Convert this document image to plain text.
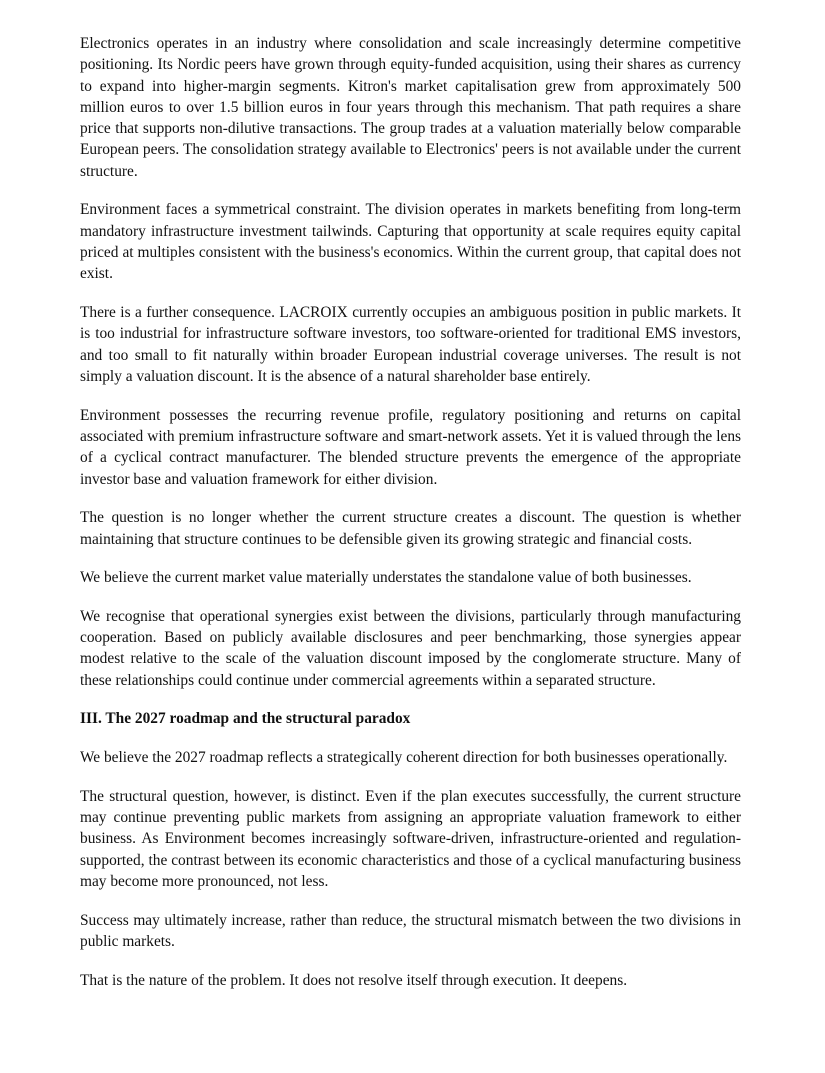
Electronics operates in an industry where consolidation and scale increasingly determine competitive positioning. Its Nordic peers have grown through equity-funded acquisition, using their shares as currency to expand into higher-margin segments. Kitron's market capitalisation grew from approximately 500 million euros to over 1.5 billion euros in four years through this mechanism. That path requires a share price that supports non-dilutive transactions. The group trades at a valuation materially below comparable European peers. The consolidation strategy available to Electronics' peers is not available under the current structure.

Environment faces a symmetrical constraint. The division operates in markets benefiting from long-term mandatory infrastructure investment tailwinds. Capturing that opportunity at scale requires equity capital priced at multiples consistent with the business's economics. Within the current group, that capital does not exist.

There is a further consequence. LACROIX currently occupies an ambiguous position in public markets. It is too industrial for infrastructure software investors, too software-oriented for traditional EMS investors, and too small to fit naturally within broader European industrial coverage universes. The result is not simply a valuation discount. It is the absence of a natural shareholder base entirely.

Environment possesses the recurring revenue profile, regulatory positioning and returns on capital associated with premium infrastructure software and smart-network assets. Yet it is valued through the lens of a cyclical contract manufacturer. The blended structure prevents the emergence of the appropriate investor base and valuation framework for either division.

The question is no longer whether the current structure creates a discount. The question is whether maintaining that structure continues to be defensible given its growing strategic and financial costs.

We believe the current market value materially understates the standalone value of both businesses.

We recognise that operational synergies exist between the divisions, particularly through manufacturing cooperation. Based on publicly available disclosures and peer benchmarking, those synergies appear modest relative to the scale of the valuation discount imposed by the conglomerate structure. Many of these relationships could continue under commercial agreements within a separated structure.

III. The 2027 roadmap and the structural paradox

We believe the 2027 roadmap reflects a strategically coherent direction for both businesses operationally.

The structural question, however, is distinct. Even if the plan executes successfully, the current structure may continue preventing public markets from assigning an appropriate valuation framework to either business. As Environment becomes increasingly software-driven, infrastructure-oriented and regulation-supported, the contrast between its economic characteristics and those of a cyclical manufacturing business may become more pronounced, not less.

Success may ultimately increase, rather than reduce, the structural mismatch between the two divisions in public markets.

That is the nature of the problem. It does not resolve itself through execution. It deepens.
